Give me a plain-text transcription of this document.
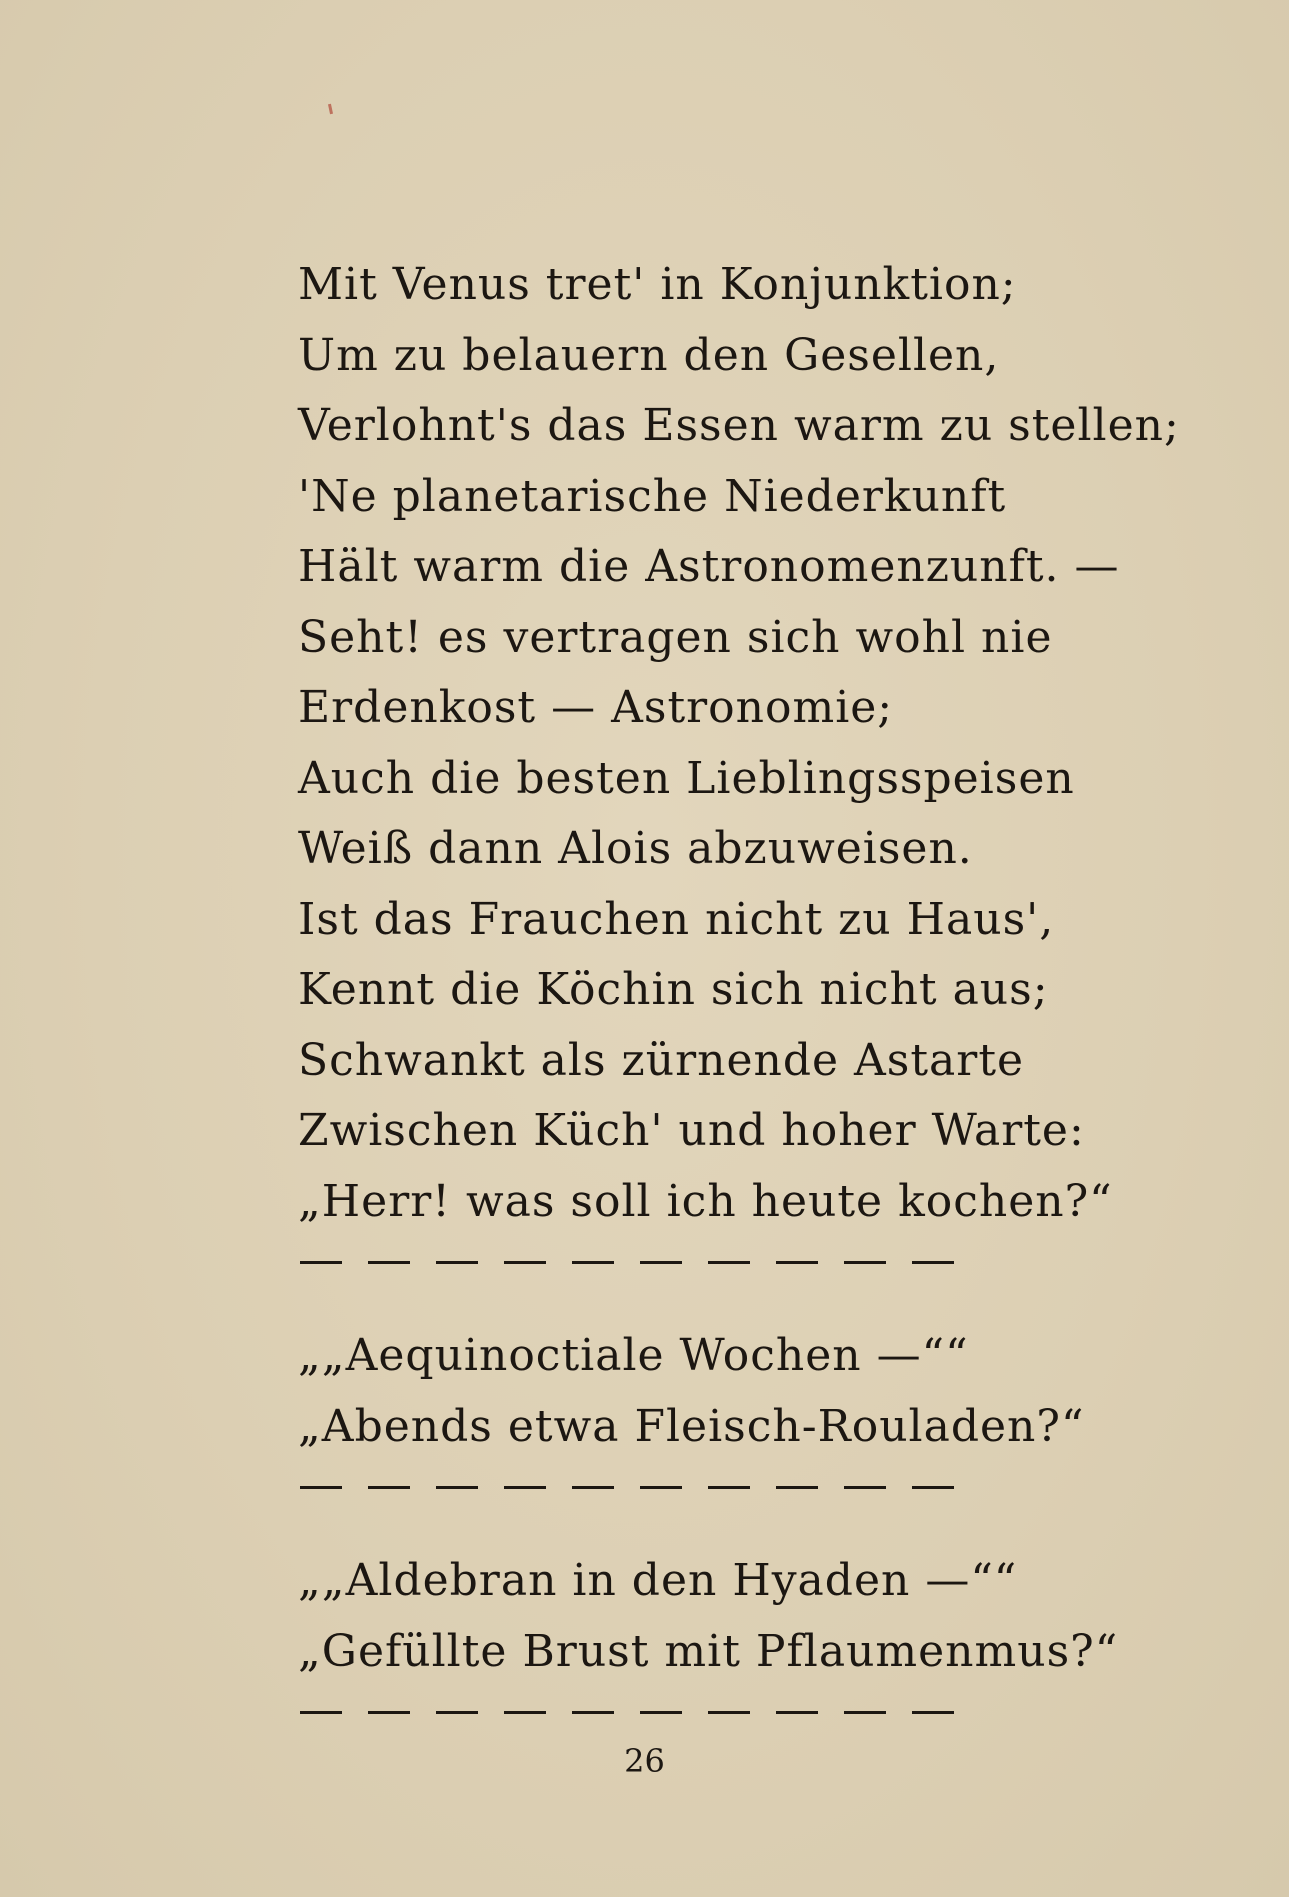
Mit Venus tret' in Konjunktion;
Um zu belauern den Gesellen,
Verlohnt's das Essen warm zu stellen;
'Ne planetarische Niederkunft
Hält warm die Astronomenzunft. —
Seht! es vertragen sich wohl nie
Erdenkost — Astronomie;
Auch die besten Lieblingsspeisen
Weiß dann Alois abzuweisen.
Ist das Frauchen nicht zu Haus',
Kennt die Köchin sich nicht aus;
Schwankt als zürnende Astarte
Zwischen Küch' und hoher Warte:
„Herr! was soll ich heute kochen?“
„„Aequinoctiale Wochen —““
„Abends etwa Fleisch-Rouladen?“
„„Aldebran in den Hyaden —““
„Gefüllte Brust mit Pflaumenmus?“
26
